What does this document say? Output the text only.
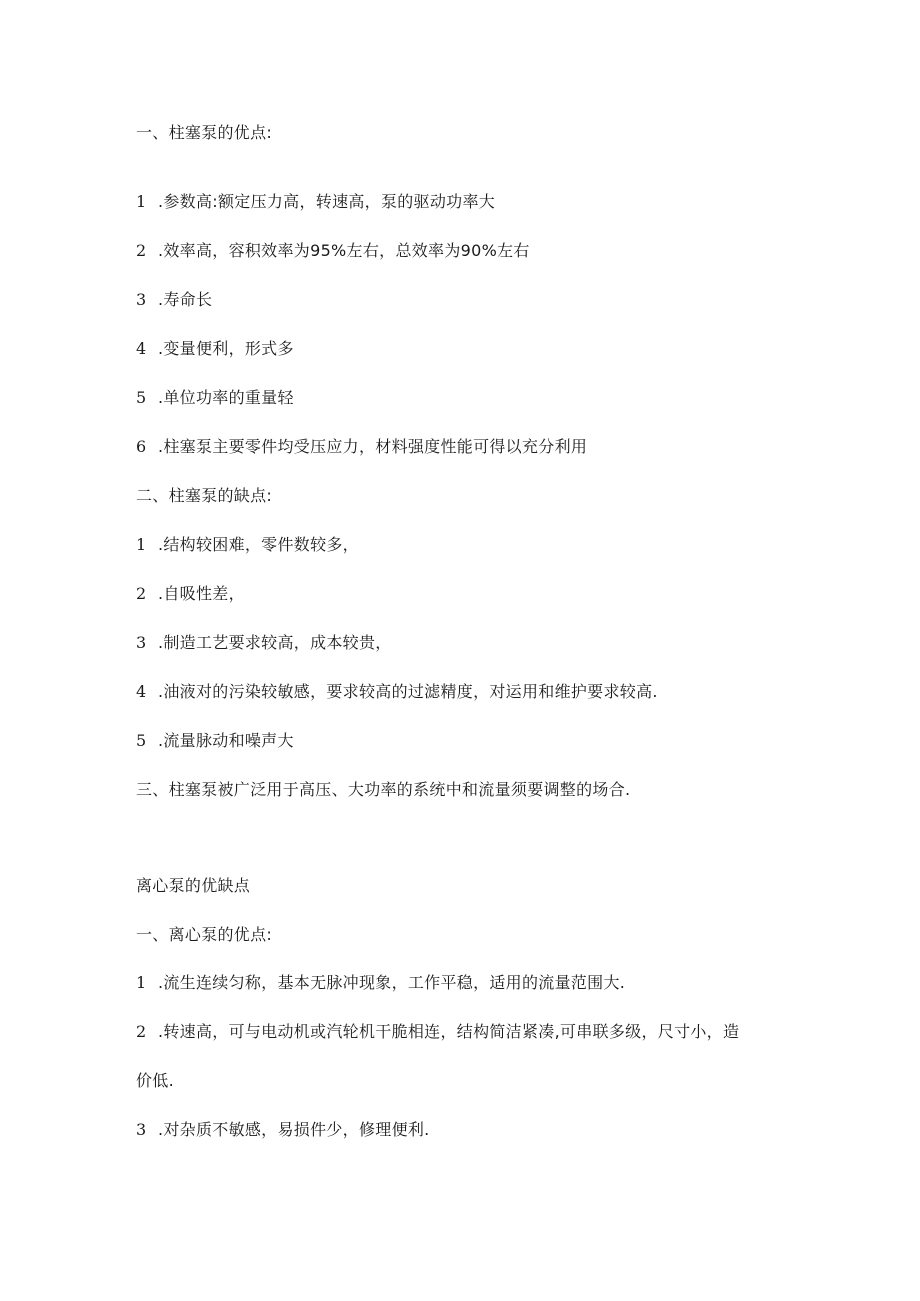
一、柱塞泵的优点:
1 .参数高:额定压力高，转速高，泵的驱动功率大
2 .效率高，容积效率为95%左右，总效率为90%左右
3 .寿命长
4 .变量便利，形式多
5 .单位功率的重量轻
6 .柱塞泵主要零件均受压应力，材料强度性能可得以充分利用
二、柱塞泵的缺点:
1 .结构较困难，零件数较多，
2 .自吸性差，
3 .制造工艺要求较高，成本较贵，
4 .油液对的污染较敏感，要求较高的过滤精度，对运用和维护要求较高.
5 .流量脉动和噪声大
三、柱塞泵被广泛用于高压、大功率的系统中和流量须要调整的场合.
离心泵的优缺点
一、离心泵的优点:
1 .流生连续匀称，基本无脉冲现象，工作平稳，适用的流量范围大.
2 .转速高，可与电动机或汽轮机干脆相连，结构简洁紧凑,可串联多级，尺寸小，造
价低.
3 .对杂质不敏感，易损件少，修理便利.
